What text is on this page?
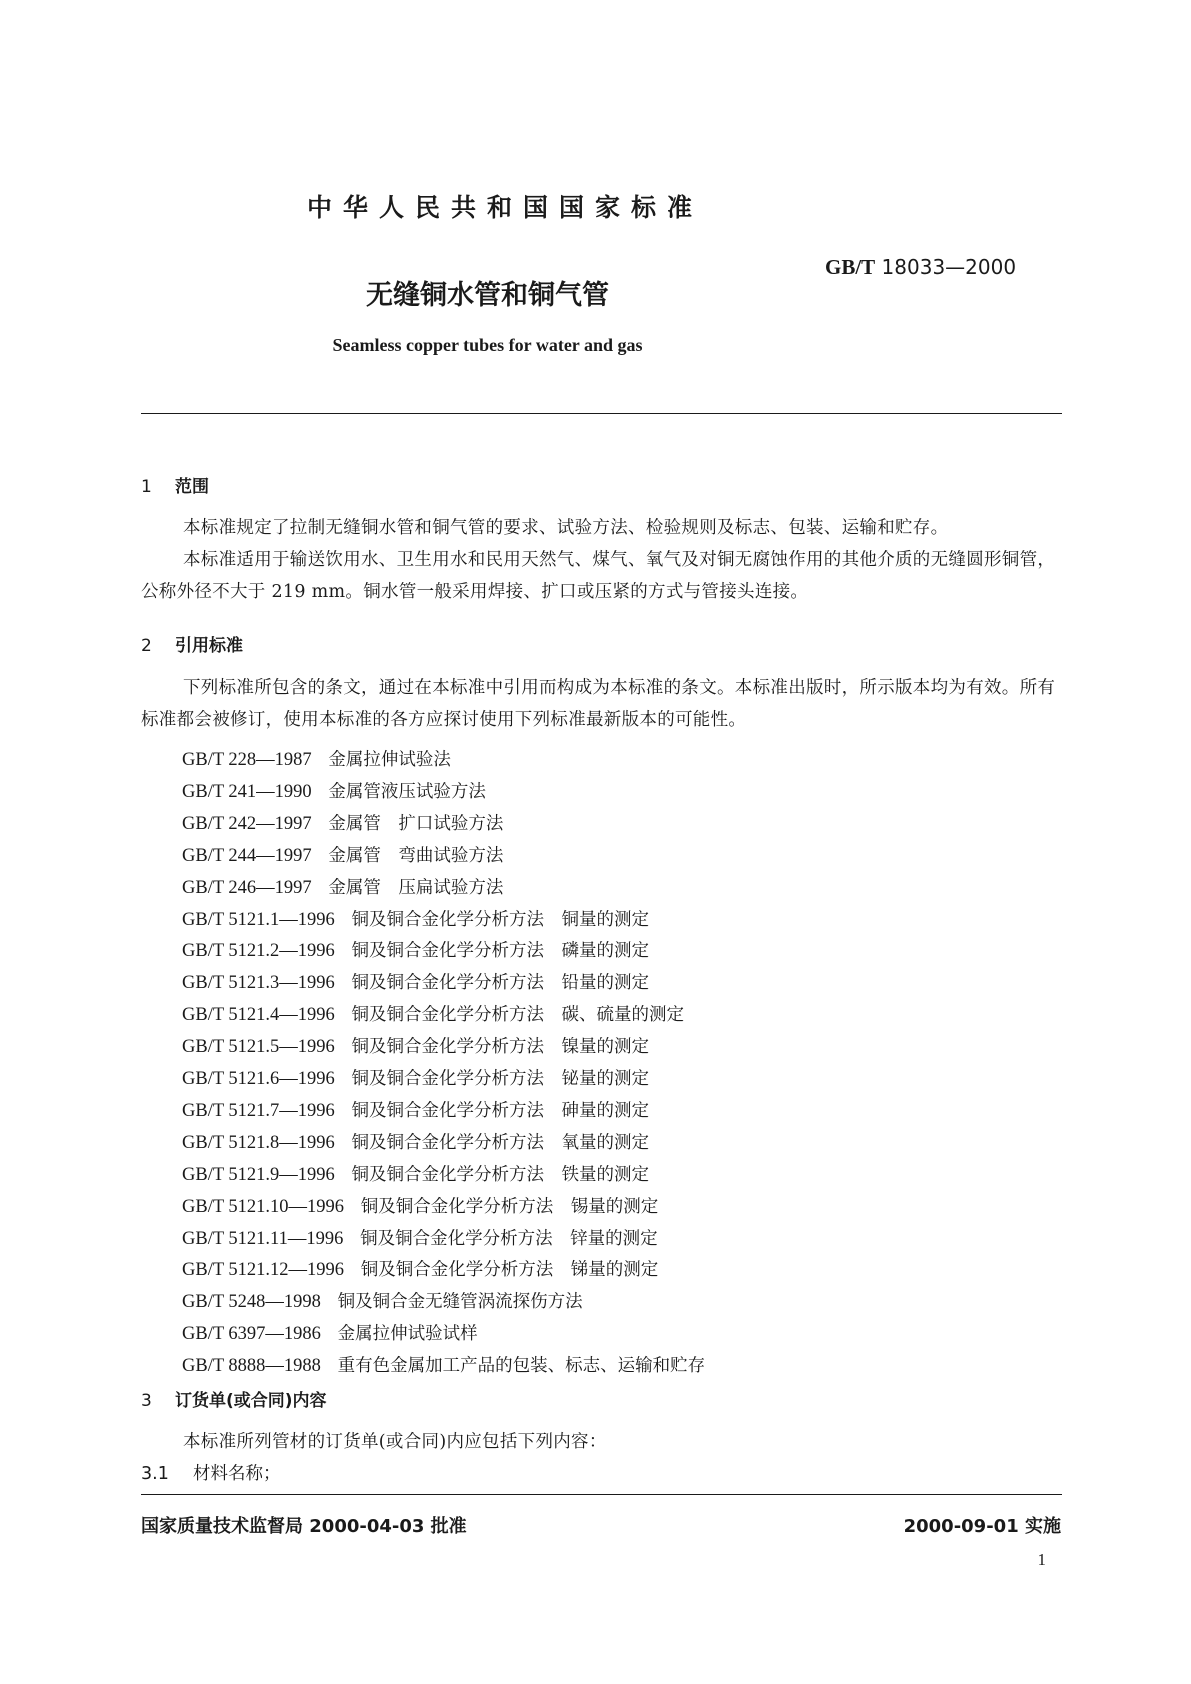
中华人民共和国国家标准
GB/T 18033—2000
无缝铜水管和铜气管
Seamless copper tubes for water and gas
1 范围
本标准规定了拉制无缝铜水管和铜气管的要求、试验方法、检验规则及标志、包装、运输和贮存。
本标准适用于输送饮用水、卫生用水和民用天然气、煤气、氧气及对铜无腐蚀作用的其他介质的无缝圆形铜管，公称外径不大于 219 mm。铜水管一般采用焊接、扩口或压紧的方式与管接头连接。
2 引用标准
下列标准所包含的条文，通过在本标准中引用而构成为本标准的条文。本标准出版时，所示版本均为有效。所有标准都会被修订，使用本标准的各方应探讨使用下列标准最新版本的可能性。
GB/T 228—1987 金属拉伸试验法
GB/T 241—1990 金属管液压试验方法
GB/T 242—1997 金属管　扩口试验方法
GB/T 244—1997 金属管　弯曲试验方法
GB/T 246—1997 金属管　压扁试验方法
GB/T 5121.1—1996 铜及铜合金化学分析方法　铜量的测定
GB/T 5121.2—1996 铜及铜合金化学分析方法　磷量的测定
GB/T 5121.3—1996 铜及铜合金化学分析方法　铅量的测定
GB/T 5121.4—1996 铜及铜合金化学分析方法　碳、硫量的测定
GB/T 5121.5—1996 铜及铜合金化学分析方法　镍量的测定
GB/T 5121.6—1996 铜及铜合金化学分析方法　铋量的测定
GB/T 5121.7—1996 铜及铜合金化学分析方法　砷量的测定
GB/T 5121.8—1996 铜及铜合金化学分析方法　氧量的测定
GB/T 5121.9—1996 铜及铜合金化学分析方法　铁量的测定
GB/T 5121.10—1996 铜及铜合金化学分析方法　锡量的测定
GB/T 5121.11—1996 铜及铜合金化学分析方法　锌量的测定
GB/T 5121.12—1996 铜及铜合金化学分析方法　锑量的测定
GB/T 5248—1998 铜及铜合金无缝管涡流探伤方法
GB/T 6397—1986 金属拉伸试验试样
GB/T 8888—1988 重有色金属加工产品的包装、标志、运输和贮存
3 订货单(或合同)内容
本标准所列管材的订货单(或合同)内应包括下列内容：
3.1 材料名称；
国家质量技术监督局 2000-04-03 批准	2000-09-01 实施
1
